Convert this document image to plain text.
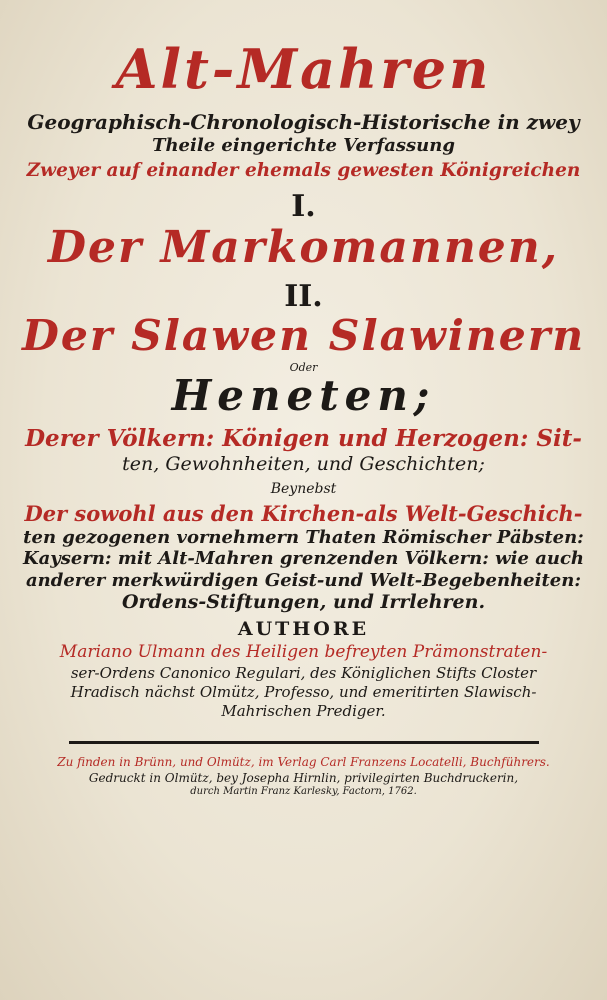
Alt-Mahren
Geographisch-Chronologisch-Historische in zwey
Theile eingerichte Verfassung
Zweyer auf einander ehemals gewesten Königreichen
I.
Der Markomannen,
II.
Der Slawen Slawinern
Oder
Heneten;
Derer Völkern: Königen und Herzogen: Sit-
ten, Gewohnheiten, und Geschichten;
Beynebst
Der sowohl aus den Kirchen-als Welt-Geschich-
ten gezogenen vornehmern Thaten Römischer Päbsten:
Kaysern: mit Alt-Mahren grenzenden Völkern: wie auch
anderer merkwürdigen Geist-und Welt-Begebenheiten:
Ordens-Stiftungen, und Irrlehren.
AUTHORE
Mariano Ulmann des Heiligen befreyten Prämonstraten-
ser-Ordens Canonico Regulari, des Königlichen Stifts Closter
Hradisch nächst Olmütz, Professo, und emeritirten Slawisch-
Mahrischen Prediger.
Zu finden in Brünn, und Olmütz, im Verlag Carl Franzens Locatelli, Buchführers.
Gedruckt in Olmütz, bey Josepha Hirnlin, privilegirten Buchdruckerin,
durch Martin Franz Karlesky, Factorn, 1762.
